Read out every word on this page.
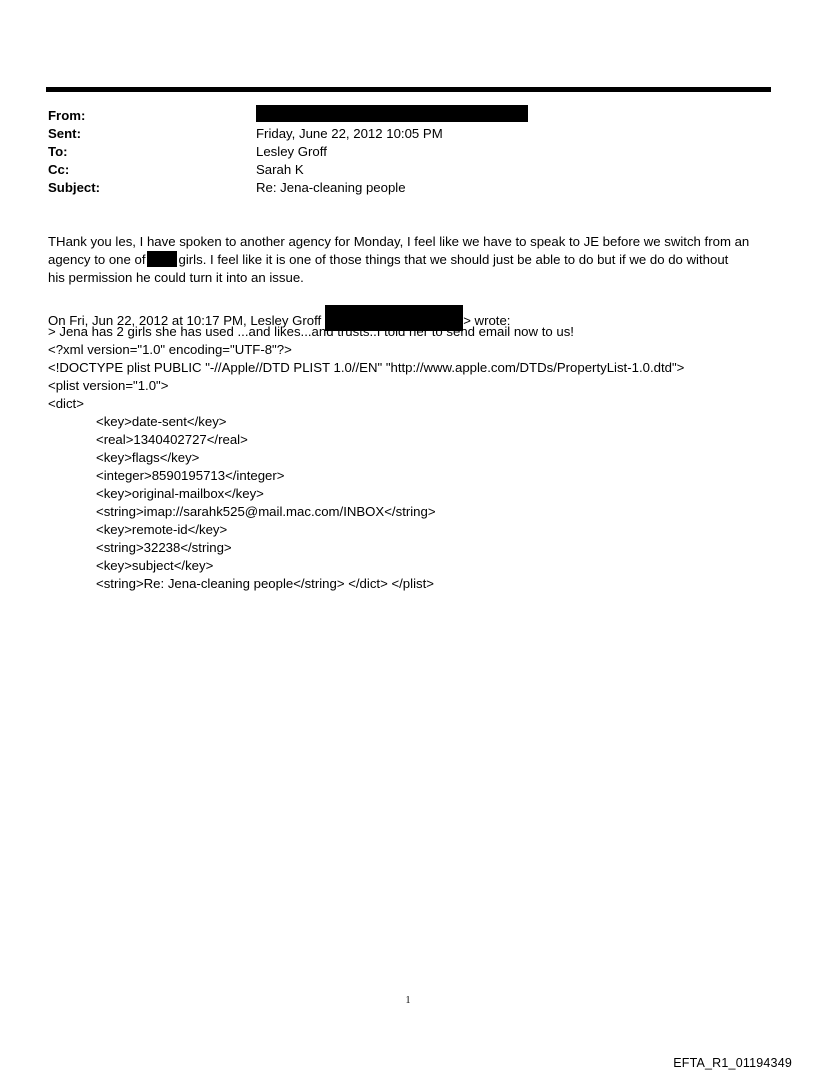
From:
Sent:
To:
Cc:
Subject:
Friday, June 22, 2012 10:05 PM
Lesley Groff
Sarah K
Re: Jena-cleaning people
THank you les, I have spoken to another agency for Monday, I feel like we have to speak to JE before we switch from an
agency to one of	girls. I feel like it is one of those things that we should just be able to do but if we do do without
his permission he could turn it into an issue.
On Fri, Jun 22, 2012 at 10:17 PM, Lesley Groff	> wrote:
> Jena has 2 girls she has used ...and likes...and trusts..I told her to send email now to us!
<?xml version="1.0" encoding="UTF-8"?>
<!DOCTYPE plist PUBLIC "-//Apple//DTD PLIST 1.0//EN" "http://www.apple.com/DTDs/PropertyList-1.0.dtd">
<plist version="1.0">
<dict>
<key>date-sent</key>
<real>1340402727</real>
<key>flags</key>
<integer>8590195713</integer>
<key>original-mailbox</key>
<string>imap://sarahk525@mail.mac.com/INBOX</string>
<key>remote-id</key>
<string>32238</string>
<key>subject</key>
<string>Re: Jena-cleaning people</string> </dict> </plist>
1
EFTA_R1_01194349
